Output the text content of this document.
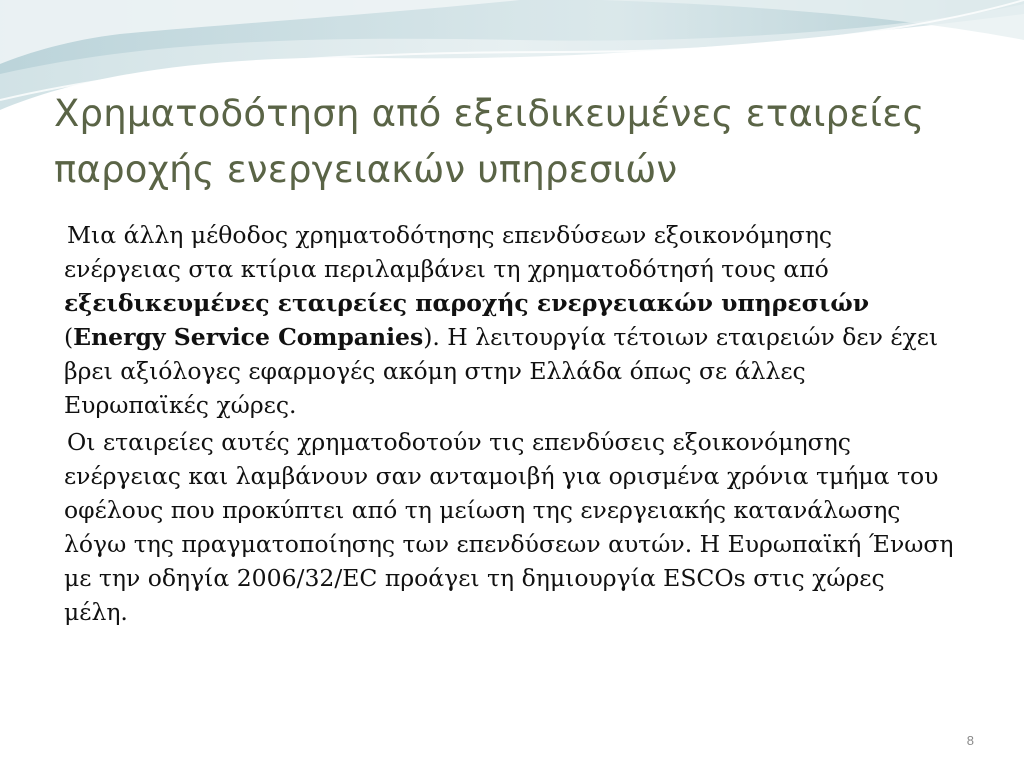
Χρηματοδότηση από εξειδικευμένες εταιρείες παροχής ενεργειακών υπηρεσιών

Μια άλλη μέθοδος χρηματοδότησης επενδύσεων εξοικονόμησης ενέργειας στα κτίρια περιλαμβάνει τη χρηματοδότησή τους από εξειδικευμένες εταιρείες παροχής ενεργειακών υπηρεσιών (Energy Service Companies). Η λειτουργία τέτοιων εταιρειών δεν έχει βρει αξιόλογες εφαρμογές ακόμη στην Ελλάδα όπως σε άλλες Ευρωπαϊκές χώρες.

Οι εταιρείες αυτές χρηματοδοτούν τις επενδύσεις εξοικονόμησης ενέργειας και λαμβάνουν σαν ανταμοιβή για ορισμένα χρόνια τμήμα του οφέλους που προκύπτει από τη μείωση της ενεργειακής κατανάλωσης λόγω της πραγματοποίησης των επενδύσεων αυτών. Η Ευρωπαϊκή Ένωση με την οδηγία 2006/32/EC προάγει τη δημιουργία ESCOs στις χώρες μέλη.

8
